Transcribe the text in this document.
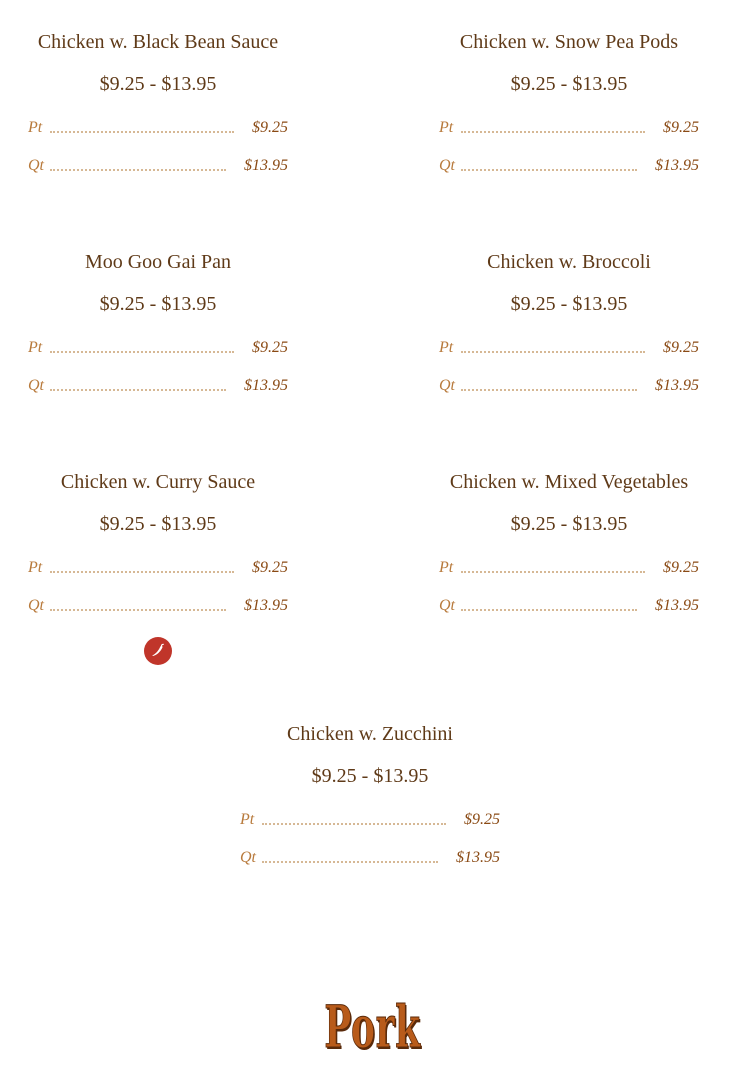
Chicken w. Black Bean Sauce
$9.25 - $13.95
Pt	$9.25
Qt	$13.95
Chicken w. Snow Pea Pods
$9.25 - $13.95
Pt	$9.25
Qt	$13.95
Moo Goo Gai Pan
$9.25 - $13.95
Pt	$9.25
Qt	$13.95
Chicken w. Broccoli
$9.25 - $13.95
Pt	$9.25
Qt	$13.95
Chicken w. Curry Sauce
$9.25 - $13.95
Pt	$9.25
Qt	$13.95
Chicken w. Mixed Vegetables
$9.25 - $13.95
Pt	$9.25
Qt	$13.95
Chicken w. Zucchini
$9.25 - $13.95
Pt	$9.25
Qt	$13.95
Pork
